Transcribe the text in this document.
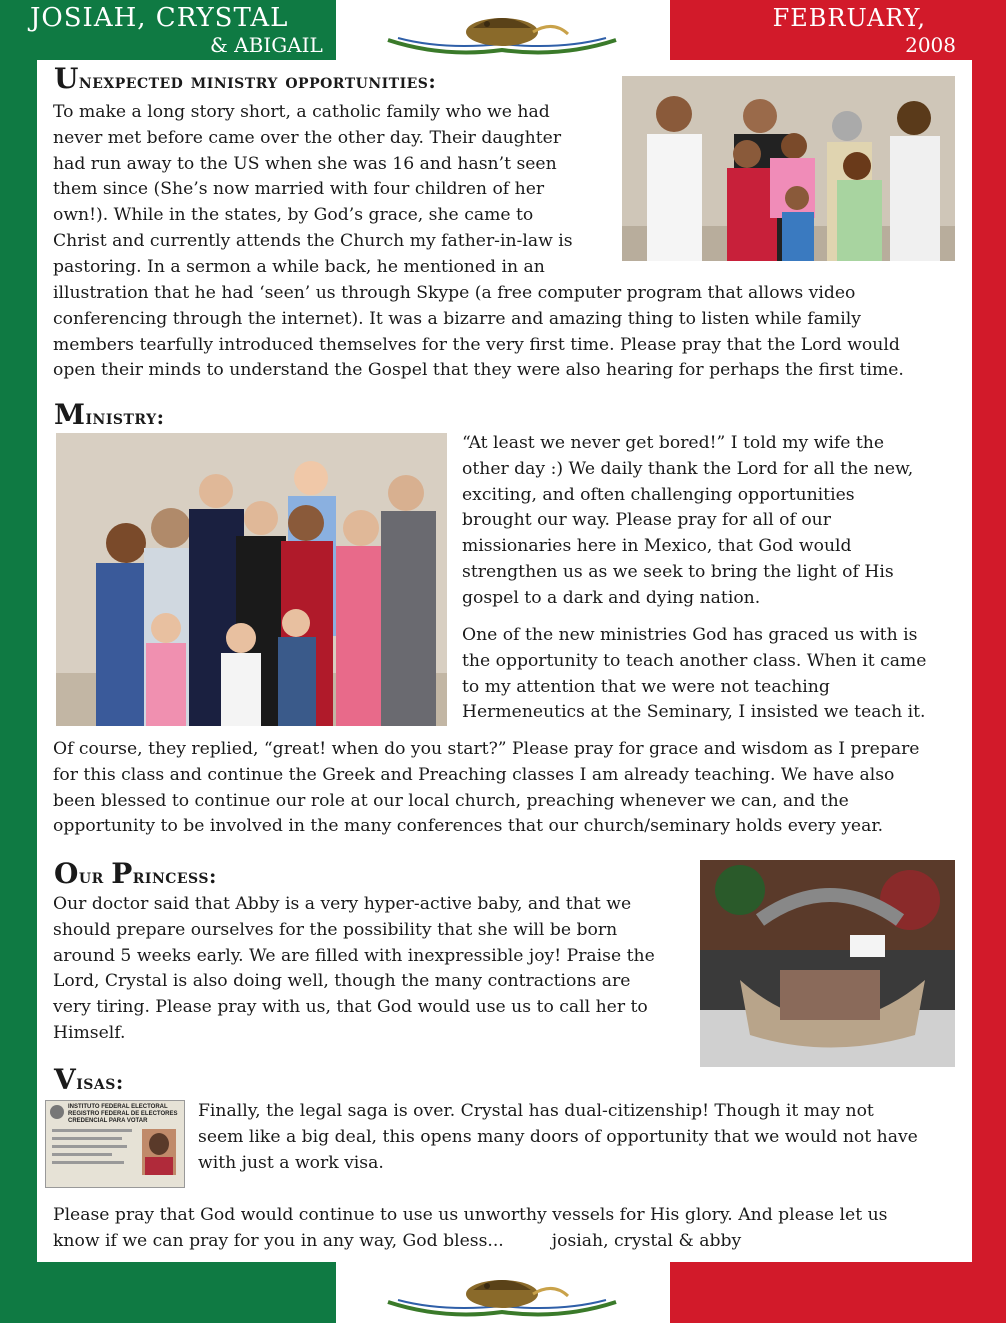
JOSIAH, CRYSTAL
& ABIGAIL
FEBRUARY,
2008
Unexpected ministry opportunities:
To make a long story short, a catholic family who we had
never met before came over the other day. Their daughter
had run away to the US when she was 16 and hasn’t seen
them since (She’s now married with four children of her
own!). While in the states, by God’s grace, she came to
Christ and currently attends the Church my father-in-law is
pastoring. In a sermon a while back, he mentioned in an
illustration that he had ‘seen’ us through Skype (a free computer program that allows video
conferencing through the internet). It was a bizarre and amazing thing to listen while family
members tearfully introduced themselves for the very first time. Please pray that the Lord would
open their minds to understand the Gospel that they were also hearing for perhaps the first time.
Ministry:
“At least we never get bored!” I told my wife the
other day :) We daily thank the Lord for all the new,
exciting, and often challenging opportunities
brought our way. Please pray for all of our
missionaries here in Mexico, that God would
strengthen us as we seek to bring the light of His
gospel to a dark and dying nation.
One of the new ministries God has graced us with is
the opportunity to teach another class. When it came
to my attention that we were not teaching
Hermeneutics at the Seminary, I insisted we teach it.
Of course, they replied, “great! when do you start?” Please pray for grace and wisdom as I prepare
for this class and continue the Greek and Preaching classes I am already teaching. We have also
been blessed to continue our role at our local church, preaching whenever we can, and the
opportunity to be involved in the many conferences that our church/seminary holds every year.
Our Princess:
Our doctor said that Abby is a very hyper-active baby, and that we
should prepare ourselves for the possibility that she will be born
around 5 weeks early. We are filled with inexpressible joy! Praise the
Lord, Crystal is also doing well, though the many contractions are
very tiring. Please pray with us, that God would use us to call her to
Himself.
Visas:
INSTITUTO FEDERAL ELECTORAL
REGISTRO FEDERAL DE ELECTORES
CREDENCIAL PARA VOTAR	Finally, the legal saga is over. Crystal has dual-citizenship! Though it may not
seem like a big deal, this opens many doors of opportunity that we would not have
with just a work visa.
Please pray that God would continue to use us unworthy vessels for His glory. And please let us
know if we can pray for you in any way, God bless...	josiah, crystal & abby
